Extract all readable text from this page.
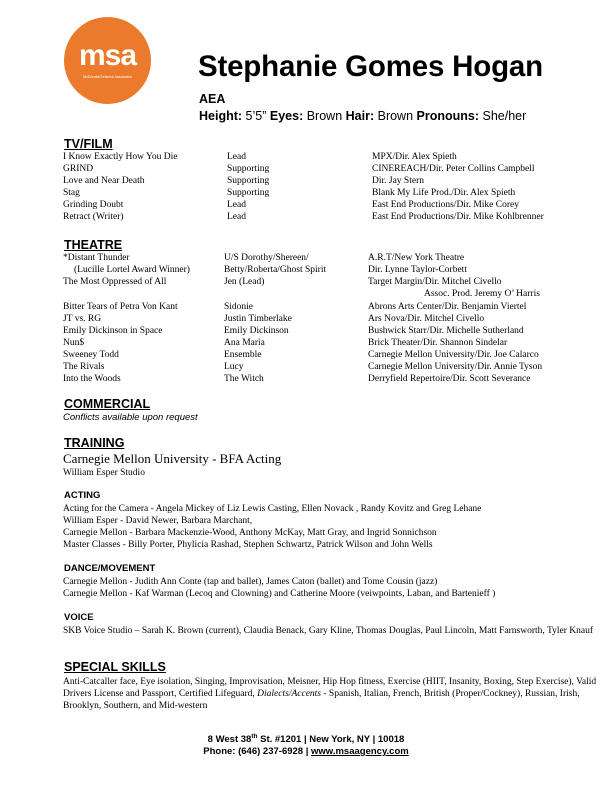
msa
McDonald/Selznick Associates	Stephanie Gomes Hogan
AEA
Height: 5’5” Eyes: Brown Hair: Brown Pronouns: She/her
TV/FILM
I Know Exactly How You Die	Lead	MPX/Dir. Alex Spieth
GRIND	Supporting	CINEREACH/Dir. Peter Collins Campbell
Love and Near Death	Supporting	Dir. Jay Stern
Stag	Supporting	Blank My Life Prod./Dir. Alex Spieth
Grinding Doubt	Lead	East End Productions/Dir. Mike Corey
Retract (Writer)	Lead	East End Productions/Dir. Mike Kohlbrenner
THEATRE
*Distant Thunder	U/S Dorothy/Shereen/	A.R.T/New York Theatre
(Lucille Lortel Award Winner)	Betty/Roberta/Ghost Spirit	Dir. Lynne Taylor-Corbett
The Most Oppressed of All	Jen (Lead)	Target Margin/Dir. Mitchel Civello
Assoc. Prod. Jeremy O’ Harris
Bitter Tears of Petra Von Kant	Sidonie	Abrons Arts Center/Dir. Benjamin Viertel
JT vs. RG	Justin Timberlake	Ars Nova/Dir. Mitchel Civello
Emily Dickinson in Space	Emily Dickinson	Bushwick Starr/Dir. Michelle Sutherland
Nun$	Ana Maria	Brick Theater/Dir. Shannon Sindelar
Sweeney Todd	Ensemble	Carnegie Mellon University/Dir. Joe Calarco
The Rivals	Lucy	Carnegie Mellon University/Dir. Annie Tyson
Into the Woods	The Witch	Derryfield Repertoire/Dir. Scott Severance
COMMERCIAL
Conflicts available upon request
TRAINING
Carnegie Mellon University - BFA Acting
William Esper Studio
ACTING
Acting for the Camera - Angela Mickey of Liz Lewis Casting, Ellen Novack , Randy Kovitz and Greg Lehane
William Esper - David Newer, Barbara Marchant,
Carnegie Mellon - Barbara Mackenzie-Wood, Anthony McKay, Matt Gray, and Ingrid Sonnichson
Master Classes - Billy Porter, Phylicia Rashad, Stephen Schwartz, Patrick Wilson and John Wells
DANCE/MOVEMENT
Carnegie Mellon - Judith Ann Conte (tap and ballet), James Caton (ballet) and Tome Cousin (jazz)
Carnegie Mellon - Kaf Warman (Lecoq and Clowning) and Catherine Moore (veiwpoints, Laban, and Bartenieff )
VOICE
SKB Voice Studio – Sarah K. Brown (current), Claudia Benack, Gary Kline, Thomas Douglas, Paul Lincoln, Matt Farnsworth, Tyler Knauf
SPECIAL SKILLS
Anti-Catcaller face, Eye isolation, Singing, Improvisation, Meisner, Hip Hop fitness, Exercise (HIIT, Insanity, Boxing, Step Exercise), Valid Drivers License and Passport, Certified Lifeguard, Dialects/Accents - Spanish, Italian, French, British (Proper/Cockney), Russian, Irish, Brooklyn, Southern, and Mid-western
8 West 38th St. #1201 | New York, NY | 10018
Phone: (646) 237-6928 | www.msaagency.com
